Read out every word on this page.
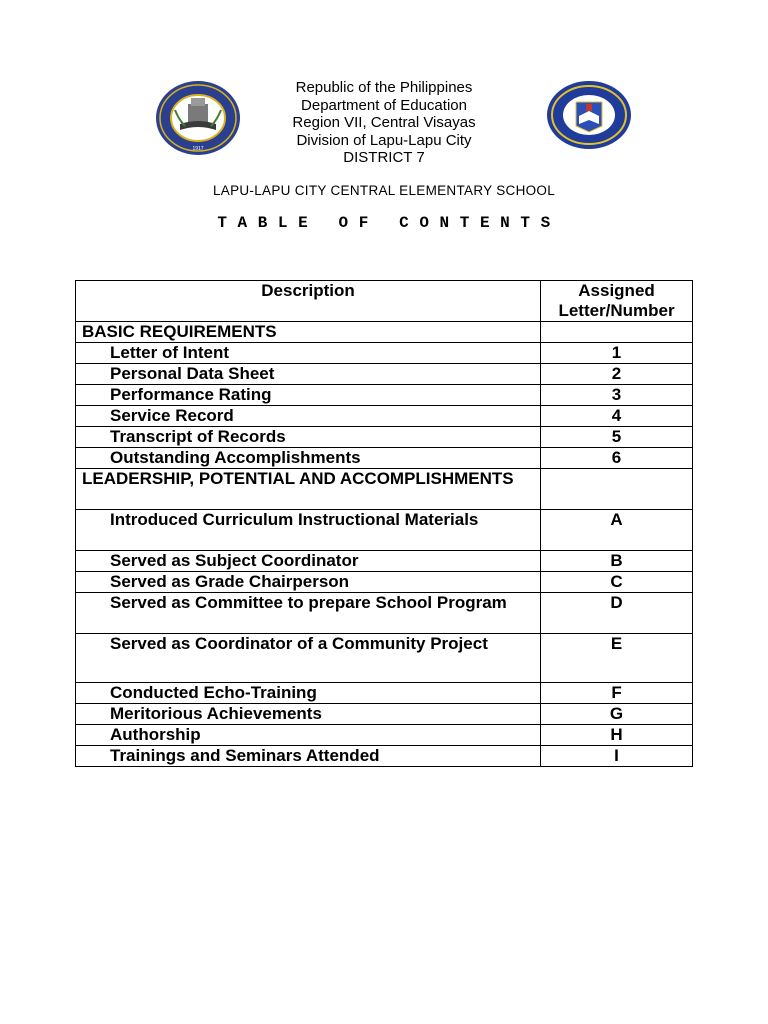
1917
Republic of the Philippines
Department of Education
Region VII, Central Visayas
Division of Lapu-Lapu City
DISTRICT 7
LAPU-LAPU CITY CENTRAL ELEMENTARY SCHOOL
T A B L E   O F   C O N T E N T S
Description	Assigned Letter/Number
BASIC REQUIREMENTS	
Letter of Intent	1
Personal Data Sheet	2
Performance Rating	3
Service Record	4
Transcript of Records	5
Outstanding Accomplishments	6
LEADERSHIP, POTENTIAL AND ACCOMPLISHMENTS	
Introduced Curriculum Instructional Materials	A
Served as Subject Coordinator	B
Served as Grade Chairperson	C
Served as Committee to prepare School Program	D
Served as Coordinator of a Community Project	E
Conducted Echo-Training	F
Meritorious Achievements	G
Authorship	H
Trainings and Seminars Attended	I
